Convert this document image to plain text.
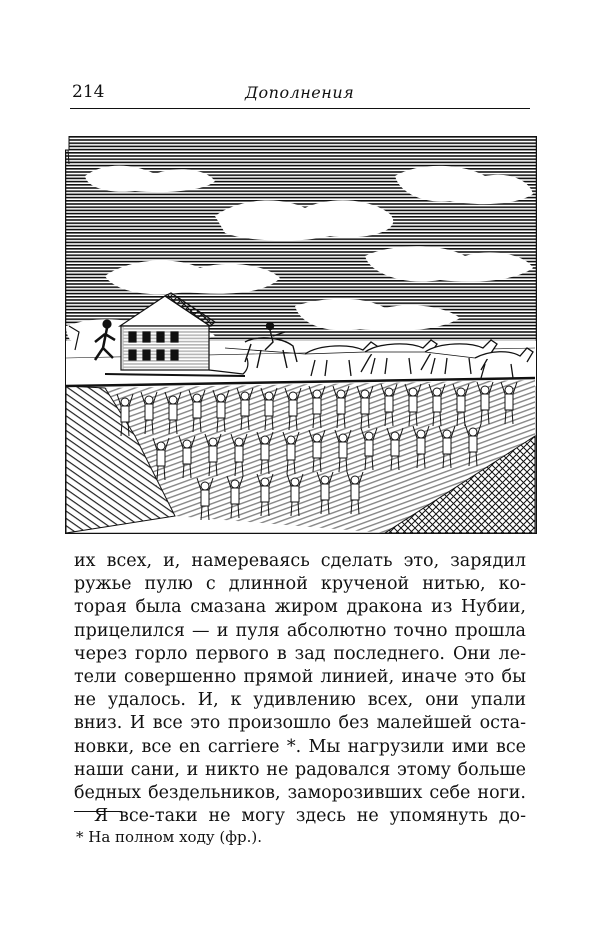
214	Дополнения
их всех, и, намереваясь сделать это, зарядил
ружье пулю с длинной крученой нитью, ко-
торая была смазана жиром дракона из Нубии,
прицелился — и пуля абсолютно точно прошла
через горло первого в зад последнего. Они ле-
тели совершенно прямой линией, иначе это бы
не удалось. И, к удивлению всех, они упали
вниз. И все это произошло без малейшей оста-
новки, все en carriere *. Мы нагрузили ими все
наши сани, и никто не радовался этому больше
бедных бездельников, заморозивших себе ноги.
Я все-таки не могу здесь не упомянуть до-
* На полном ходу (фр.).
